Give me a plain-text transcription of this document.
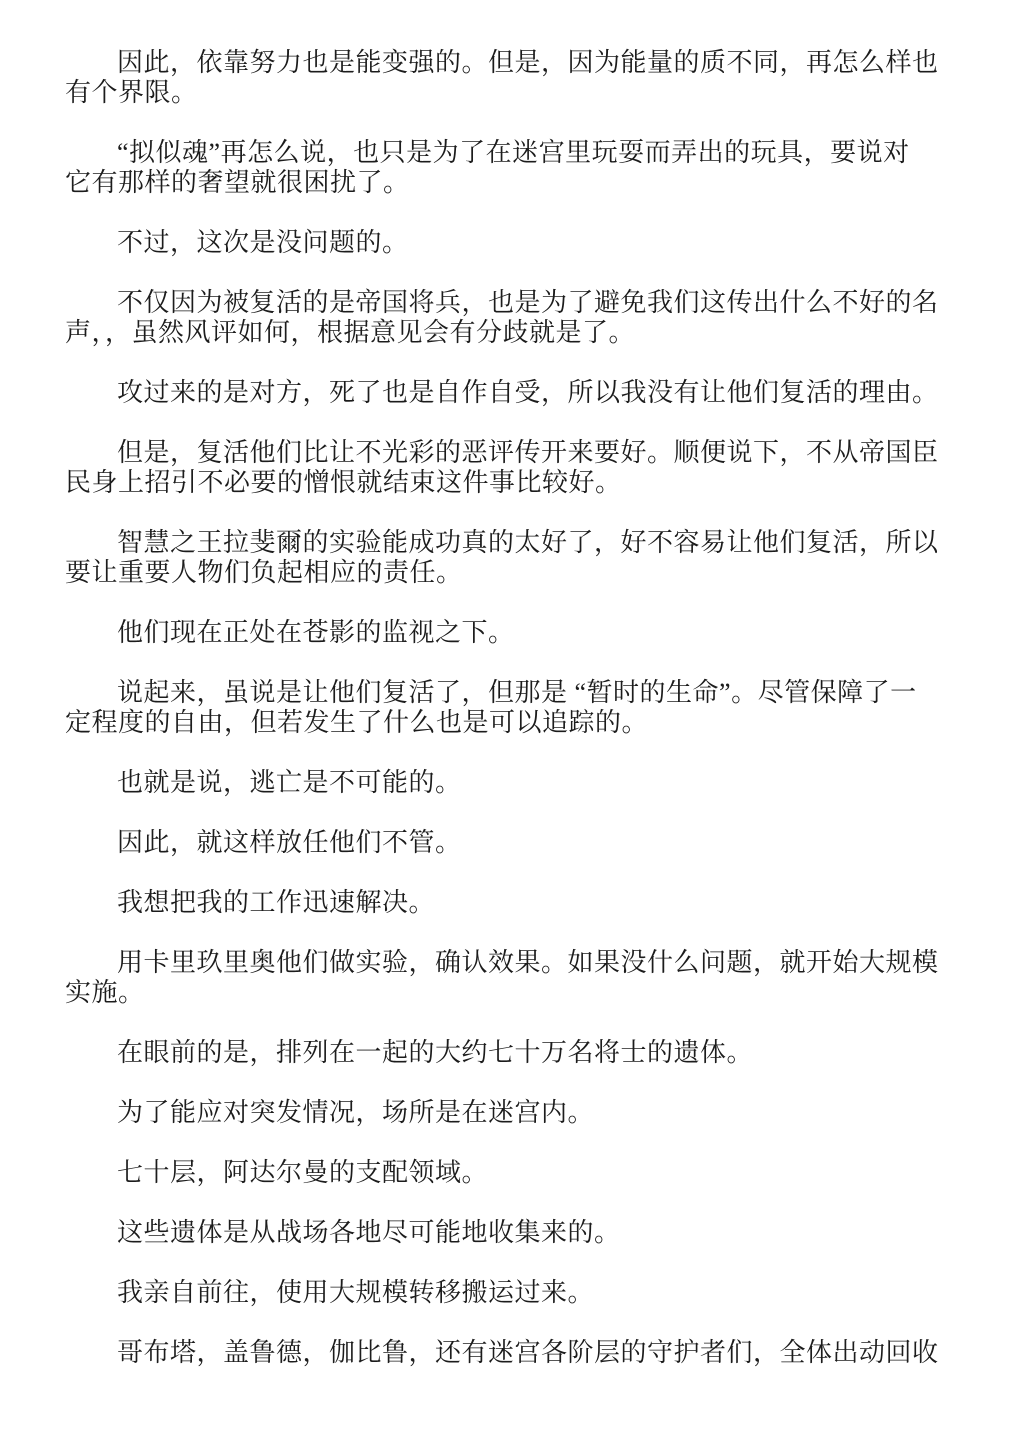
因此，依靠努力也是能变强的。但是，因为能量的质不同，再怎么样也
有个界限。

“拟似魂”再怎么说，也只是为了在迷宫里玩耍而弄出的玩具，要说对
它有那样的奢望就很困扰了。

不过，这次是没问题的。

不仅因为被复活的是帝国将兵，也是为了避免我们这传出什么不好的名
声，，虽然风评如何，根据意见会有分歧就是了。

攻过来的是对方，死了也是自作自受，所以我没有让他们复活的理由。

但是，复活他们比让不光彩的恶评传开来要好。顺便说下，不从帝国臣
民身上招引不必要的憎恨就结束这件事比较好。

智慧之王拉斐爾的实验能成功真的太好了，好不容易让他们复活，所以
要让重要人物们负起相应的责任。

他们现在正处在苍影的监视之下。

说起来，虽说是让他们复活了，但那是 “暂时的生命”。尽管保障了一
定程度的自由，但若发生了什么也是可以追踪的。

也就是说，逃亡是不可能的。

因此，就这样放任他们不管。

我想把我的工作迅速解决。

用卡里玖里奥他们做实验，确认效果。如果没什么问题，就开始大规模
实施。

在眼前的是，排列在一起的大约七十万名将士的遗体。

为了能应对突发情况，场所是在迷宫内。

七十层，阿达尔曼的支配领域。

这些遗体是从战场各地尽可能地收集来的。

我亲自前往，使用大规模转移搬运过来。

哥布塔，盖鲁德，伽比鲁，还有迷宫各阶层的守护者们，全体出动回收
